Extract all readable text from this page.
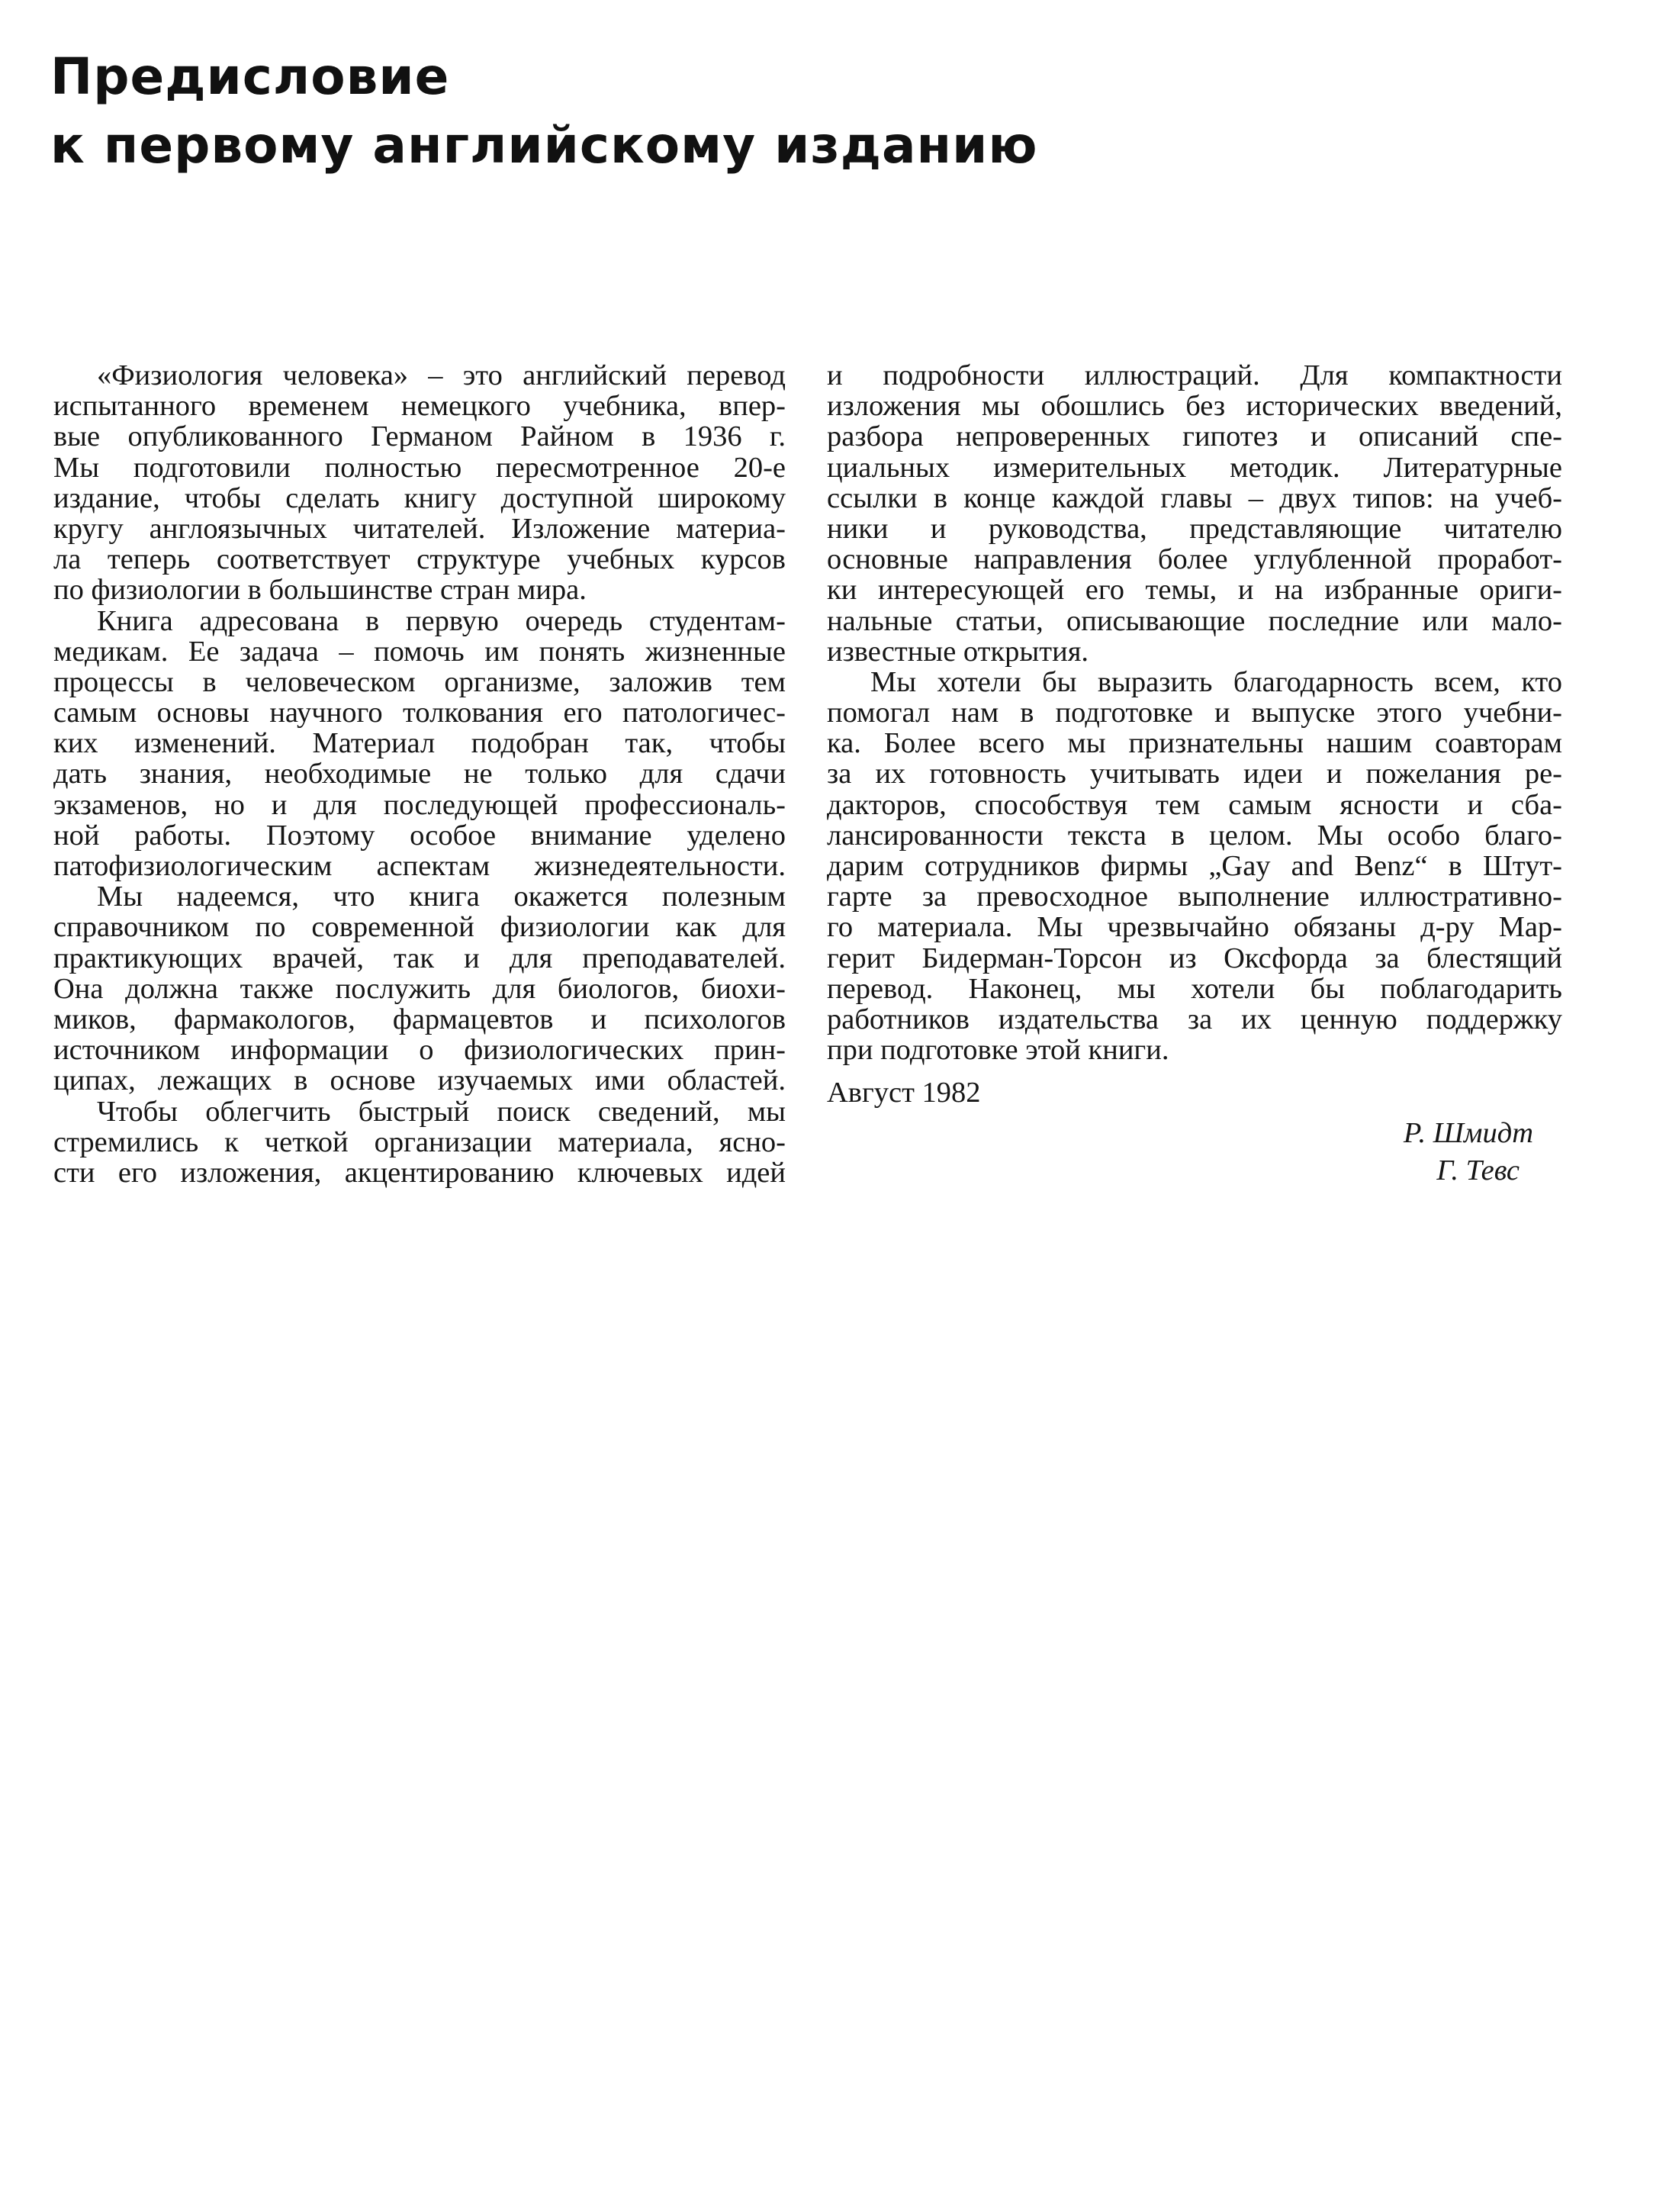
Предисловие
к первому английскому изданию

«Физиология человека» – это английский перевод
испытанного временем немецкого учебника, впер-
вые опубликованного Германом Райном в 1936 г.
Мы подготовили полностью пересмотренное 20-е
издание, чтобы сделать книгу доступной широкому
кругу англоязычных читателей. Изложение материа-
ла теперь соответствует структуре учебных курсов
по физиологии в большинстве стран мира.

Книга адресована в первую очередь студентам-
медикам. Ее задача – помочь им понять жизненные
процессы в человеческом организме, заложив тем
самым основы научного толкования его патологичес-
ких изменений. Материал подобран так, чтобы
дать знания, необходимые не только для сдачи
экзаменов, но и для последующей профессиональ-
ной работы. Поэтому особое внимание уделено
патофизиологическим аспектам жизнедеятельности.

Мы надеемся, что книга окажется полезным
справочником по современной физиологии как для
практикующих врачей, так и для преподавателей.
Она должна также послужить для биологов, биохи-
миков, фармакологов, фармацевтов и психологов
источником информации о физиологических прин-
ципах, лежащих в основе изучаемых ими областей.

Чтобы облегчить быстрый поиск сведений, мы
стремились к четкой организации материала, ясно-
сти его изложения, акцентированию ключевых идей

и подробности иллюстраций. Для компактности
изложения мы обошлись без исторических введений,
разбора непроверенных гипотез и описаний спе-
циальных измерительных методик. Литературные
ссылки в конце каждой главы – двух типов: на учеб-
ники и руководства, представляющие читателю
основные направления более углубленной проработ-
ки интересующей его темы, и на избранные ориги-
нальные статьи, описывающие последние или мало-
известные открытия.

Мы хотели бы выразить благодарность всем, кто
помогал нам в подготовке и выпуске этого учебни-
ка. Более всего мы признательны нашим соавторам
за их готовность учитывать идеи и пожелания ре-
дакторов, способствуя тем самым ясности и сба-
лансированности текста в целом. Мы особо благо-
дарим сотрудников фирмы „Gay and Benz“ в Штут-
гарте за превосходное выполнение иллюстративно-
го материала. Мы чрезвычайно обязаны д-ру Мар-
герит Бидерман-Торсон из Оксфорда за блестящий
перевод. Наконец, мы хотели бы поблагодарить
работников издательства за их ценную поддержку
при подготовке этой книги.

Август 1982
Р. Шмидт
Г. Тевс
